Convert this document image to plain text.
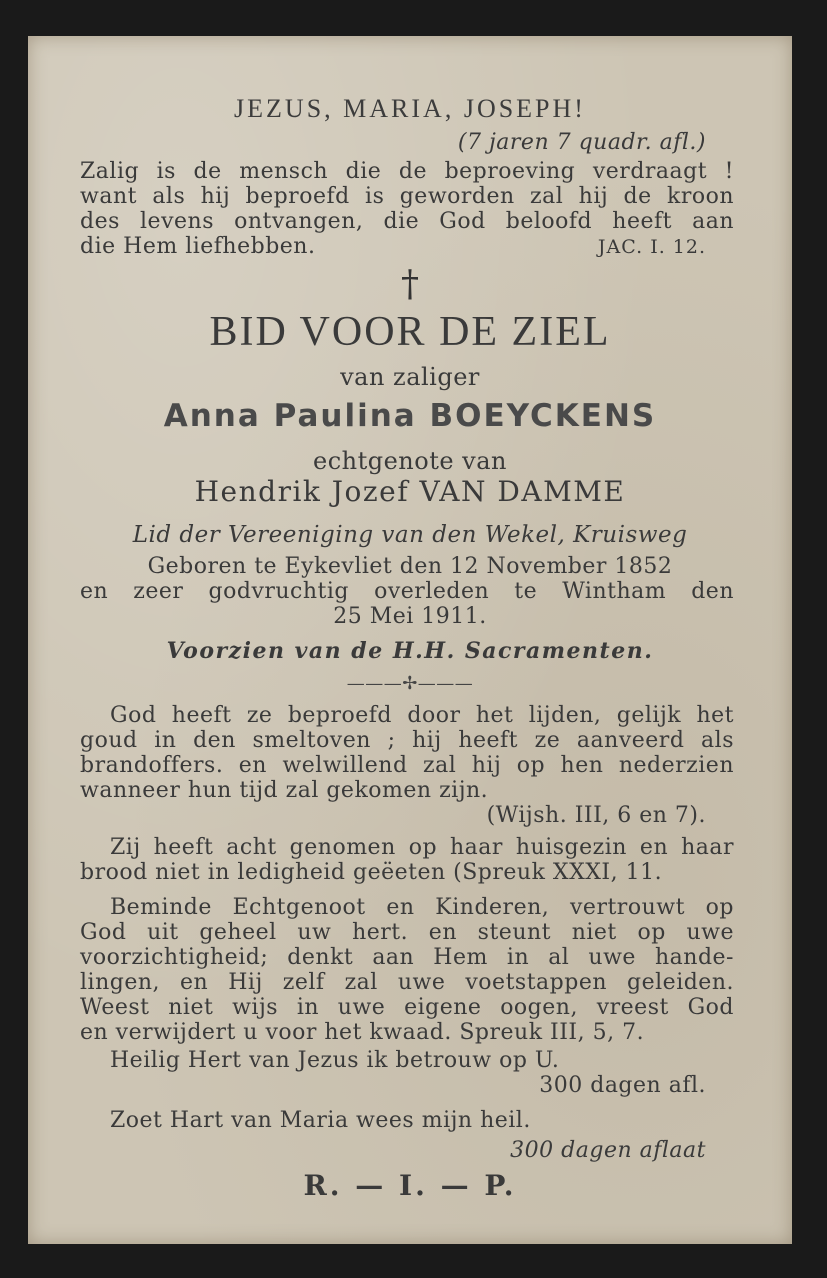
JEZUS, MARIA, JOSEPH!
(7 jaren 7 quadr. afl.)
Zalig is de mensch die de beproeving verdraagt !
want als hij beproefd is geworden zal hij de kroon
des levens ontvangen, die God beloofd heeft aan
die Hem liefhebben.	JAC. I. 12.
†
BID VOOR DE ZIEL
van zaliger
Anna Paulina BOEYCKENS
echtgenote van
Hendrik Jozef VAN DAMME
Lid der Vereeniging van den Wekel, Kruisweg
Geboren te Eykevliet den 12 November 1852
en zeer godvruchtig overleden te Wintham den
25 Mei 1911.
Voorzien van de H.H. Sacramenten.
———✢———
God heeft ze beproefd door het lijden, gelijk het
goud in den smeltoven ; hij heeft ze aanveerd als
brandoffers. en welwillend zal hij op hen nederzien
wanneer hun tijd zal gekomen zijn.
(Wijsh. III, 6 en 7).
Zij heeft acht genomen op haar huisgezin en haar
brood niet in ledigheid geëeten (Spreuk XXXI, 11.
Beminde Echtgenoot en Kinderen, vertrouwt op
God uit geheel uw hert. en steunt niet op uwe
voorzichtigheid; denkt aan Hem in al uwe hande-
lingen, en Hij zelf zal uwe voetstappen geleiden.
Weest niet wijs in uwe eigene oogen, vreest God
en verwijdert u voor het kwaad. Spreuk III, 5, 7.
Heilig Hert van Jezus ik betrouw op U.
300 dagen afl.
Zoet Hart van Maria wees mijn heil.
300 dagen aflaat
R. — I. — P.
